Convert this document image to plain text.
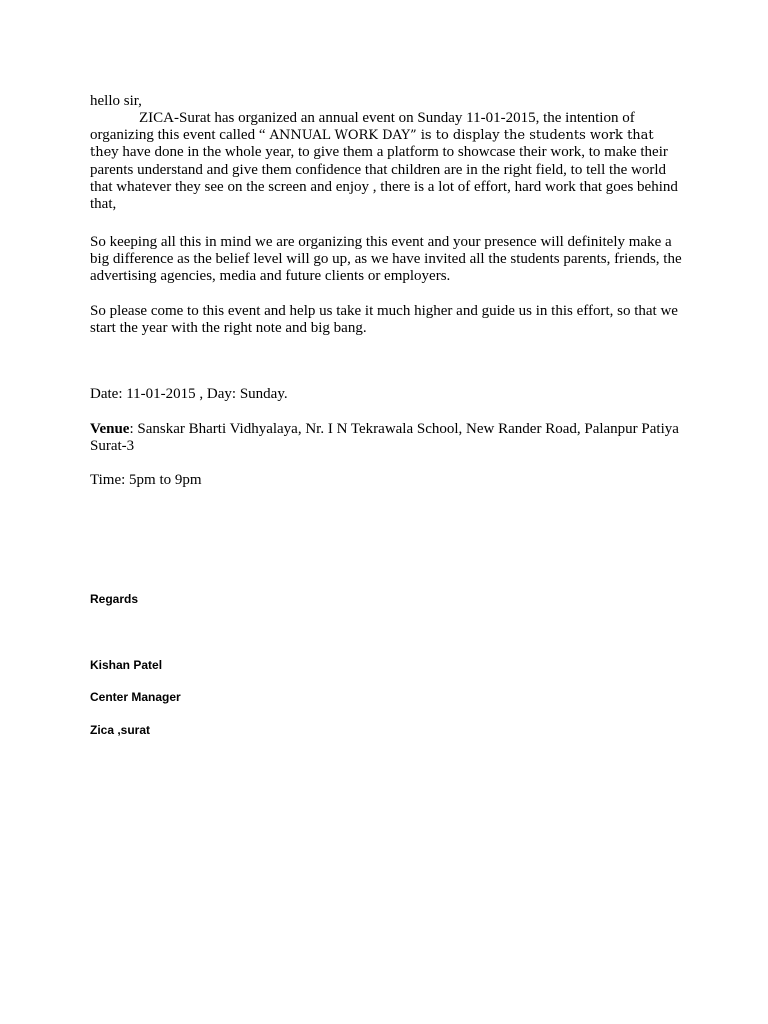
hello sir,

ZICA-Surat has organized an annual event on Sunday 11-01-2015, the intention of organizing this event called “ ANNUAL WORK DAY” is to display the students work that they have done in the whole year, to give them a platform to showcase their work, to make their parents understand and give them confidence that children are in the right field, to tell the world that whatever they see on the screen and enjoy , there is a lot of effort, hard work that goes behind that,

So keeping all this in mind we are organizing this event and your presence will definitely make a big difference as the belief level will go up, as we have invited all the students parents, friends, the advertising agencies, media and future clients or employers.

So please come to this event and help us take it much higher and guide us in this effort, so that we start the year with the right note and big bang.

Date: 11-01-2015 , Day: Sunday.

Venue: Sanskar Bharti Vidhyalaya, Nr. I N Tekrawala School, New Rander Road, Palanpur Patiya Surat-3

Time: 5pm to 9pm

Regards

Kishan Patel

Center Manager

Zica ,surat
